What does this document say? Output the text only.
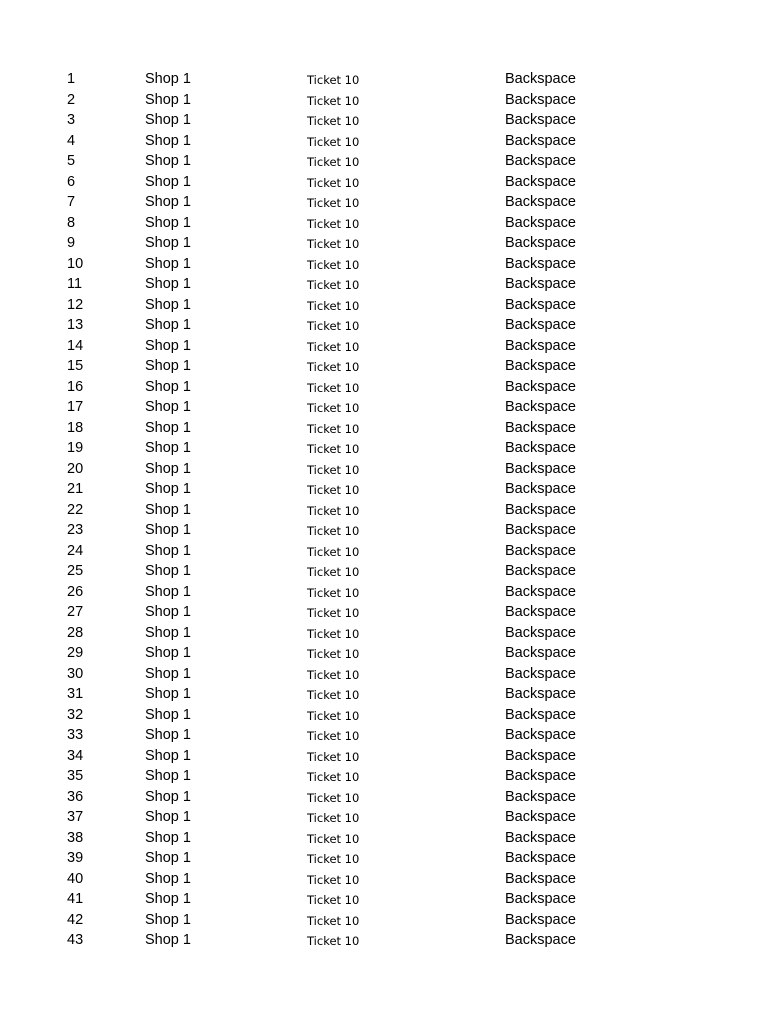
1	Shop 1	Ticket 10	Backspace
2	Shop 1	Ticket 10	Backspace
3	Shop 1	Ticket 10	Backspace
4	Shop 1	Ticket 10	Backspace
5	Shop 1	Ticket 10	Backspace
6	Shop 1	Ticket 10	Backspace
7	Shop 1	Ticket 10	Backspace
8	Shop 1	Ticket 10	Backspace
9	Shop 1	Ticket 10	Backspace
10	Shop 1	Ticket 10	Backspace
11	Shop 1	Ticket 10	Backspace
12	Shop 1	Ticket 10	Backspace
13	Shop 1	Ticket 10	Backspace
14	Shop 1	Ticket 10	Backspace
15	Shop 1	Ticket 10	Backspace
16	Shop 1	Ticket 10	Backspace
17	Shop 1	Ticket 10	Backspace
18	Shop 1	Ticket 10	Backspace
19	Shop 1	Ticket 10	Backspace
20	Shop 1	Ticket 10	Backspace
21	Shop 1	Ticket 10	Backspace
22	Shop 1	Ticket 10	Backspace
23	Shop 1	Ticket 10	Backspace
24	Shop 1	Ticket 10	Backspace
25	Shop 1	Ticket 10	Backspace
26	Shop 1	Ticket 10	Backspace
27	Shop 1	Ticket 10	Backspace
28	Shop 1	Ticket 10	Backspace
29	Shop 1	Ticket 10	Backspace
30	Shop 1	Ticket 10	Backspace
31	Shop 1	Ticket 10	Backspace
32	Shop 1	Ticket 10	Backspace
33	Shop 1	Ticket 10	Backspace
34	Shop 1	Ticket 10	Backspace
35	Shop 1	Ticket 10	Backspace
36	Shop 1	Ticket 10	Backspace
37	Shop 1	Ticket 10	Backspace
38	Shop 1	Ticket 10	Backspace
39	Shop 1	Ticket 10	Backspace
40	Shop 1	Ticket 10	Backspace
41	Shop 1	Ticket 10	Backspace
42	Shop 1	Ticket 10	Backspace
43	Shop 1	Ticket 10	Backspace
